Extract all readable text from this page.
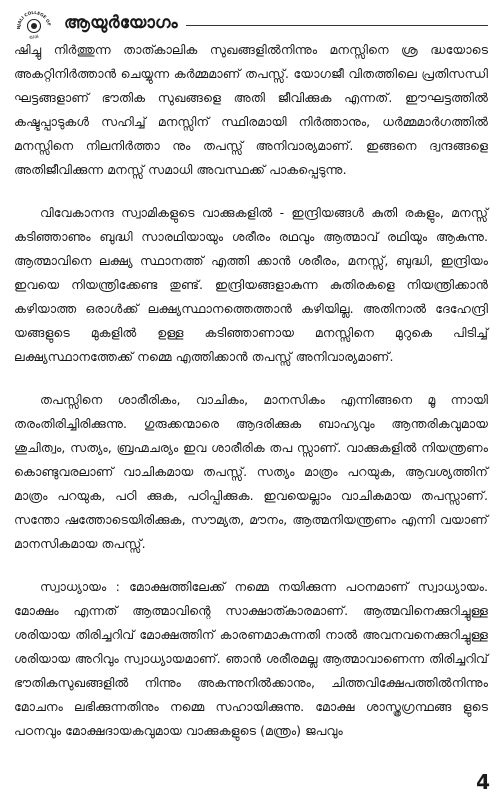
NJALI COLLEGE OF
ವ∂ॐ
ആയുർയോഗം

ഷിച്ചു നിർത്തുന്ന താത്കാലിക സുഖങ്ങളിൽനിന്നും മനസ്സിനെ ശ്ര ദ്ധയോടെ അകറ്റിനിർത്താൻ ചെയ്യുന്ന കർമ്മമാണ് തപസ്സ്. യോഗജീ വിതത്തിലെ പ്രതിസന്ധി ഘട്ടങ്ങളാണ് ഭൗതിക സുഖങ്ങളെ അതി ജീവിക്കുക എന്നത്. ഈഘട്ടത്തിൽ കഷ്ടപ്പാടുകൾ സഹിച്ച് മനസ്സിന് സ്ഥിരമായി നിർത്താനും, ധർമ്മമാർഗത്തിൽ മനസ്സിനെ നിലനിർത്താ നും തപസ്സ് അനിവാര്യമാണ്. ഇങ്ങനെ ദ്വന്ദങ്ങളെ അതിജീവിക്കുന്ന മനസ്സ് സമാധി അവസ്ഥക്ക് പാകപ്പെടുന്നു.

വിവേകാനന്ദ സ്വാമികളുടെ വാക്കുകളിൽ - ഇന്ദ്രിയങ്ങൾ കുതി രകളും, മനസ്സ് കടിഞ്ഞാണും ബുദ്ധി സാരഥിയായും ശരീരം രഥവും ആത്മാവ് രഥിയും ആകുന്നു. ആത്മാവിനെ ലക്ഷ്യ സ്ഥാനത്ത് എത്തി ക്കാൻ ശരീരം, മനസ്സ്, ബുദ്ധി, ഇന്ദ്രിയം ഇവയെ നിയന്ത്രിക്കേണ്ട തുണ്ട്. ഇന്ദ്രിയങ്ങളാകുന്ന കുതിരകളെ നിയന്ത്രിക്കാൻ കഴിയാത്ത ഒരാൾക്ക് ലക്ഷ്യസ്ഥാനത്തെത്താൻ കഴിയില്ല. അതിനാൽ ദേഹേന്ദ്രി യങ്ങളുടെ മുകളിൽ ഉള്ള കടിഞ്ഞാണായ മനസ്സിനെ മുറുകെ പിടിച്ച് ലക്ഷ്യസ്ഥാനത്തേക്ക് നമ്മെ എത്തിക്കാൻ തപസ്സ് അനിവാര്യമാണ്.

തപസ്സിനെ ശാരീരികം, വാചികം, മാനസികം എന്നിങ്ങനെ മൂ ന്നായി തരംതിരിച്ചിരിക്കുന്നു. ഗുരുക്കന്മാരെ ആദരിക്കുക ബാഹ്യവും ആന്തരികവുമായ ശുചിത്വം, സത്യം, ബ്രഹ്മചര്യം ഇവ ശാരീരിക തപ സ്സാണ്. വാക്കുകളിൽ നിയന്ത്രണം കൊണ്ടുവരലാണ് വാചികമായ തപസ്സ്. സത്യം മാത്രം പറയുക, ആവശ്യത്തിന് മാത്രം പറയുക, പഠി ക്കുക, പഠിപ്പിക്കുക. ഇവയെല്ലാം വാചികമായ തപസ്സാണ്. സന്തോ ഷത്തോടെയിരിക്കുക, സൗമ്യത, മൗനം, ആത്മനിയന്ത്രണം എന്നി വയാണ് മാനസികമായ തപസ്സ്.

സ്വാധ്യായം : മോക്ഷത്തിലേക്ക് നമ്മെ നയിക്കുന്ന പഠനമാണ് സ്വാധ്യായം. മോക്ഷം എന്നത് ആത്മാവിന്റെ സാക്ഷാത്കാരമാണ്. ആത്മവിനെക്കുറിച്ചുള്ള ശരിയായ തിരിച്ചറിവ് മോക്ഷത്തിന് കാരണമാകുന്നതി നാൽ അവനവനെക്കുറിച്ചുള്ള ശരിയായ അറിവും സ്വാധ്യായമാണ്. ഞാൻ ശരീരമല്ല ആത്മാവാണെന്ന തിരിച്ചറിവ് ഭൗതികസുഖങ്ങളിൽ നിന്നും അകന്നുനിൽക്കാനും, ചിത്തവിക്ഷേപത്തിൽനിന്നും മോചനം ലഭിക്കുന്നതിനും നമ്മെ സഹായിക്കുന്നു. മോക്ഷ ശാസ്ത്രഗ്രന്ഥങ്ങ ളുടെ പഠനവും മോക്ഷദായകവുമായ വാക്കുകളുടെ (മന്ത്രം) ജപവും

4
